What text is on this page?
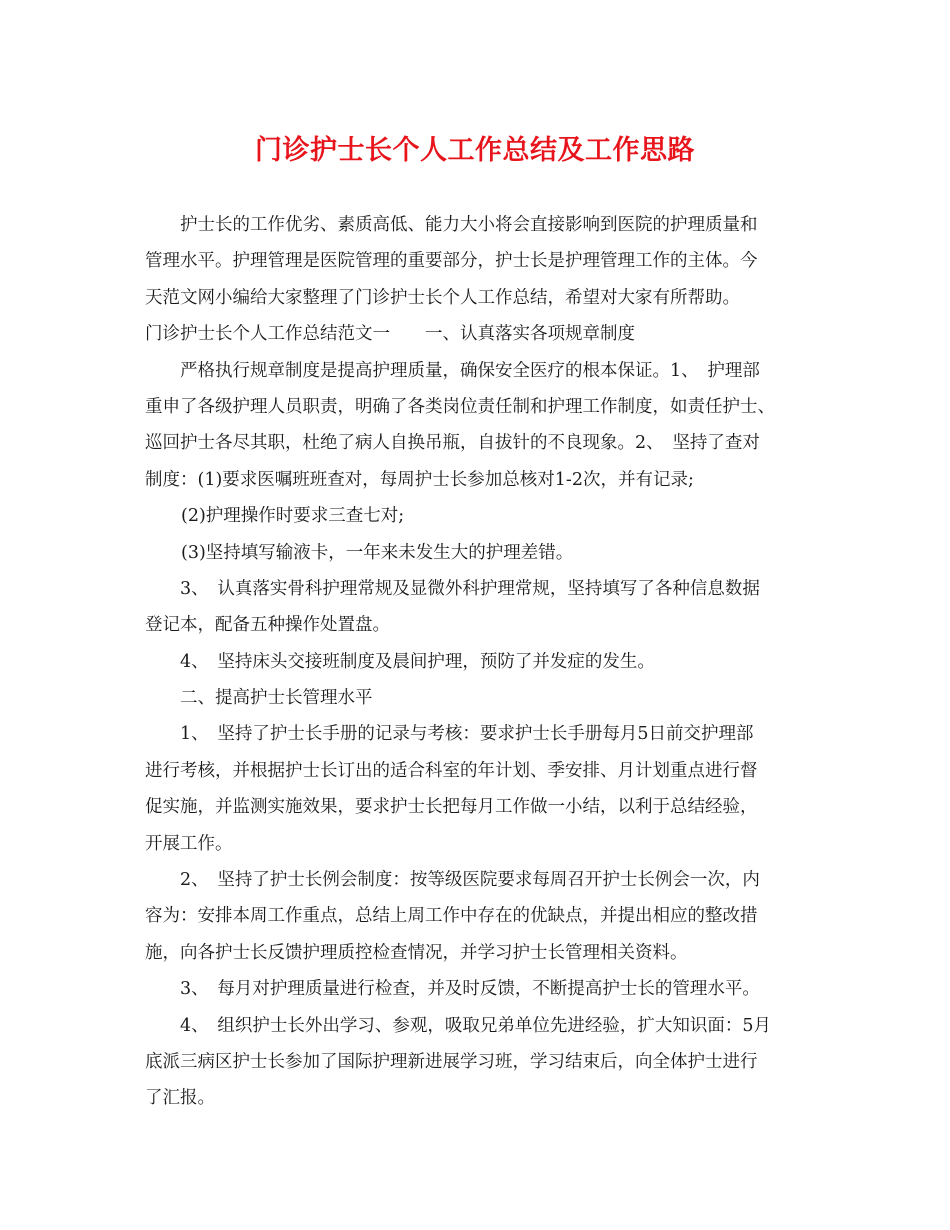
门诊护士长个人工作总结及工作思路
护士长的工作优劣、素质高低、能力大小将会直接影响到医院的护理质量和
管理水平。护理管理是医院管理的重要部分，护士长是护理管理工作的主体。今
天范文网小编给大家整理了门诊护士长个人工作总结，希望对大家有所帮助。
门诊护士长个人工作总结范文一　　一、认真落实各项规章制度
严格执行规章制度是提高护理质量，确保安全医疗的根本保证。1、　护理部
重申了各级护理人员职责，明确了各类岗位责任制和护理工作制度，如责任护士、
巡回护士各尽其职，杜绝了病人自换吊瓶，自拔针的不良现象。2、　坚持了查对
制度：(1)要求医嘱班班查对，每周护士长参加总核对1-2次，并有记录;
(2)护理操作时要求三查七对;
(3)坚持填写输液卡，一年来未发生大的护理差错。
3、　认真落实骨科护理常规及显微外科护理常规，坚持填写了各种信息数据
登记本，配备五种操作处置盘。
4、　坚持床头交接班制度及晨间护理，预防了并发症的发生。
二、提高护士长管理水平
1、　坚持了护士长手册的记录与考核：要求护士长手册每月5日前交护理部
进行考核，并根据护士长订出的适合科室的年计划、季安排、月计划重点进行督
促实施，并监测实施效果，要求护士长把每月工作做一小结，以利于总结经验，
开展工作。
2、　坚持了护士长例会制度：按等级医院要求每周召开护士长例会一次，内
容为：安排本周工作重点，总结上周工作中存在的优缺点，并提出相应的整改措
施，向各护士长反馈护理质控检查情况，并学习护士长管理相关资料。
3、　每月对护理质量进行检查，并及时反馈，不断提高护士长的管理水平。
4、　组织护士长外出学习、参观，吸取兄弟单位先进经验，扩大知识面：5月
底派三病区护士长参加了国际护理新进展学习班，学习结束后，向全体护士进行
了汇报。
